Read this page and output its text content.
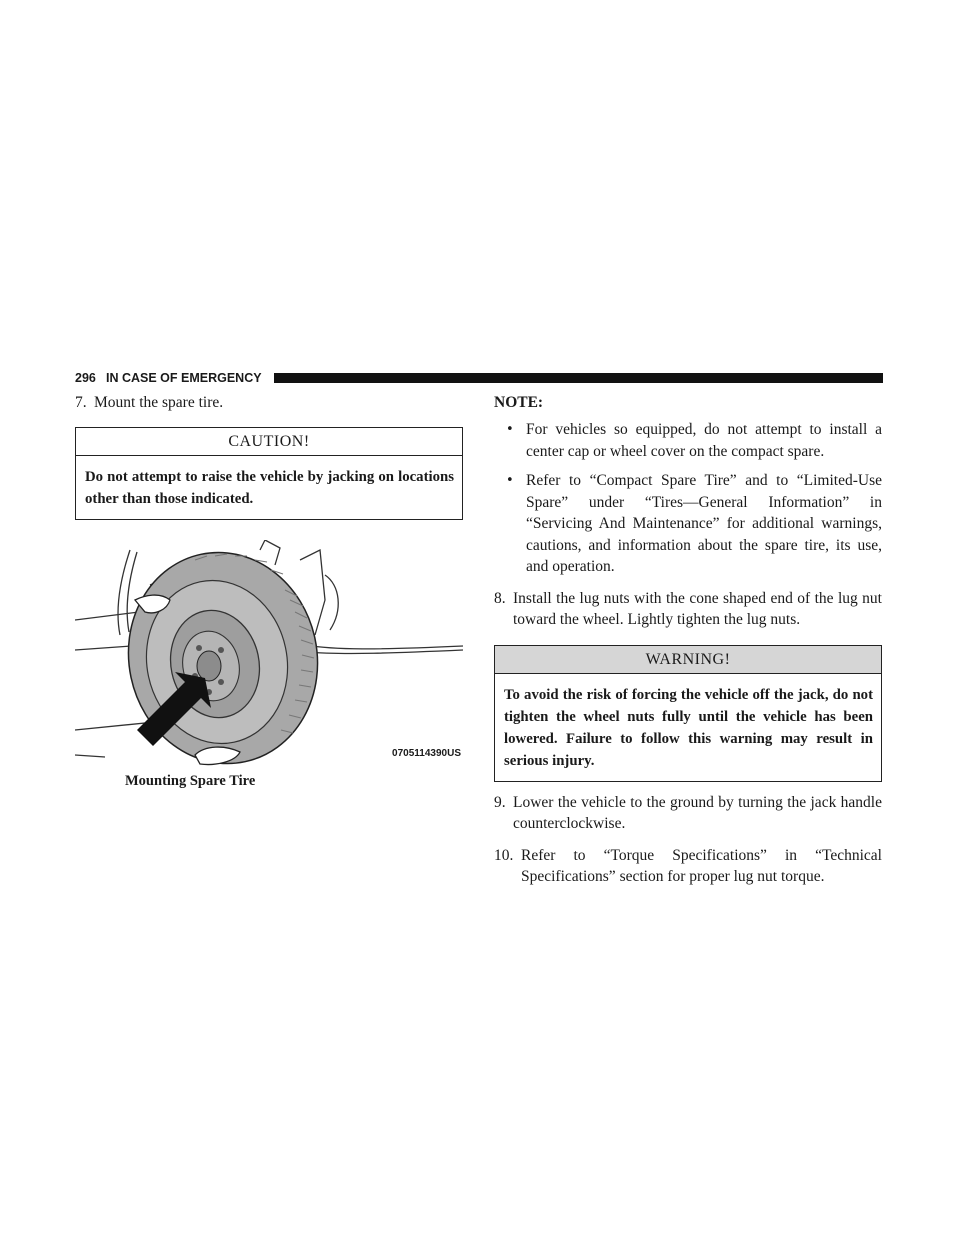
296 IN CASE OF EMERGENCY

7. Mount the spare tire.

CAUTION!
Do not attempt to raise the vehicle by jacking on locations other than those indicated.
0705114390US
Mounting Spare Tire
NOTE:

• For vehicles so equipped, do not attempt to install a center cap or wheel cover on the compact spare.

• Refer to “Compact Spare Tire” and to “Limited-Use Spare” under “Tires—General Information” in “Servicing And Maintenance” for additional warnings, cautions, and information about the spare tire, its use, and operation.

8. Install the lug nuts with the cone shaped end of the lug nut toward the wheel. Lightly tighten the lug nuts.

WARNING!
To avoid the risk of forcing the vehicle off the jack, do not tighten the wheel nuts fully until the vehicle has been lowered. Failure to follow this warning may result in serious injury.

9. Lower the vehicle to the ground by turning the jack handle counterclockwise.

10. Refer to “Torque Specifications” in “Technical Specifications” section for proper lug nut torque.
